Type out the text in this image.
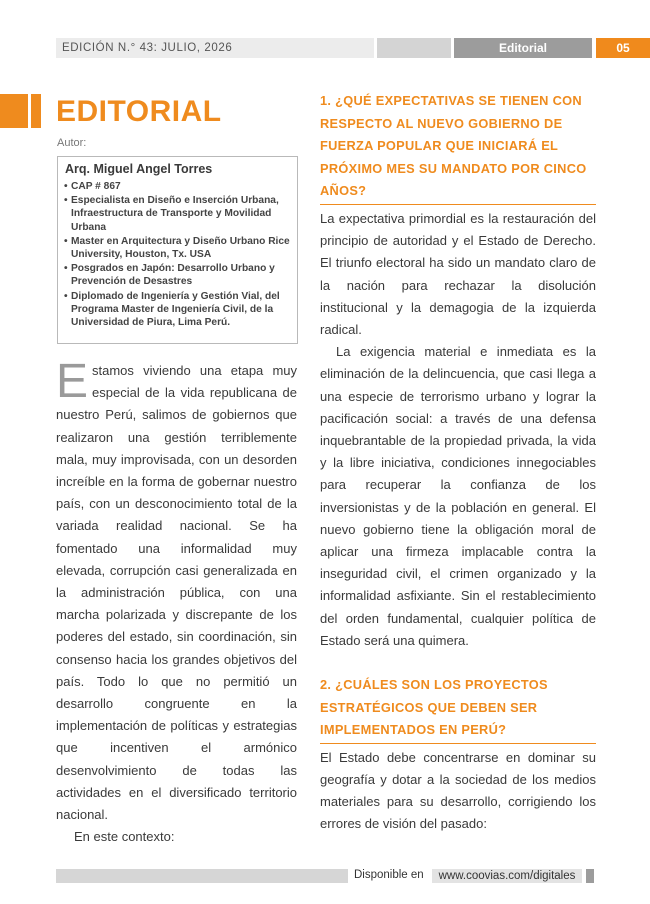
EDICIÓN N.° 43: JULIO, 2026	Editorial	05
EDITORIAL
Autor:
Arq. Miguel Angel Torres
• CAP # 867
• Especialista en Diseño e Inserción Urbana, Infraestructura de Transporte y Movilidad Urbana
• Master en Arquitectura y Diseño Urbano Rice University, Houston, Tx. USA
• Posgrados en Japón: Desarrollo Urbano y Prevención de Desastres
• Diplomado de Ingeniería y Gestión Vial, del Programa Master de Ingeniería Civil, de la Universidad de Piura, Lima Perú.

Estamos viviendo una etapa muy especial de la vida republicana de nuestro Perú, salimos de gobiernos que realizaron una gestión terriblemente mala, muy improvisada, con un desorden increíble en la forma de gobernar nuestro país, con un desconocimiento total de la variada realidad nacional. Se ha fomentado una informalidad muy elevada, corrupción casi generalizada en la administración pública, con una marcha polarizada y discrepante de los poderes del estado, sin coordinación, sin consenso hacia los grandes objetivos del país. Todo lo que no permitió un desarrollo congruente en la implementación de políticas y estrategias que incentiven el armónico desenvolvimiento de todas las actividades en el diversificado territorio nacional.

En este contexto:

1. ¿QUÉ EXPECTATIVAS SE TIENEN CON RESPECTO AL NUEVO GOBIERNO DE FUERZA POPULAR QUE INICIARÁ EL PRÓXIMO MES SU MANDATO POR CINCO AÑOS?

La expectativa primordial es la restauración del principio de autoridad y el Estado de Derecho. El triunfo electoral ha sido un mandato claro de la nación para rechazar la disolución institucional y la demagogia de la izquierda radical.

La exigencia material e inmediata es la eliminación de la delincuencia, que casi llega a una especie de terrorismo urbano y lograr la pacificación social: a través de una defensa inquebrantable de la propiedad privada, la vida y la libre iniciativa, condiciones innegociables para recuperar la confianza de los inversionistas y de la población en general. El nuevo gobierno tiene la obligación moral de aplicar una firmeza implacable contra la inseguridad civil, el crimen organizado y la informalidad asfixiante. Sin el restablecimiento del orden fundamental, cualquier política de Estado será una quimera.

2. ¿CUÁLES SON LOS PROYECTOS ESTRATÉGICOS QUE DEBEN SER IMPLEMENTADOS EN PERÚ?

El Estado debe concentrarse en dominar su geografía y dotar a la sociedad de los medios materiales para su desarrollo, corrigiendo los errores de visión del pasado:

Disponible en	www.coovias.com/digitales
